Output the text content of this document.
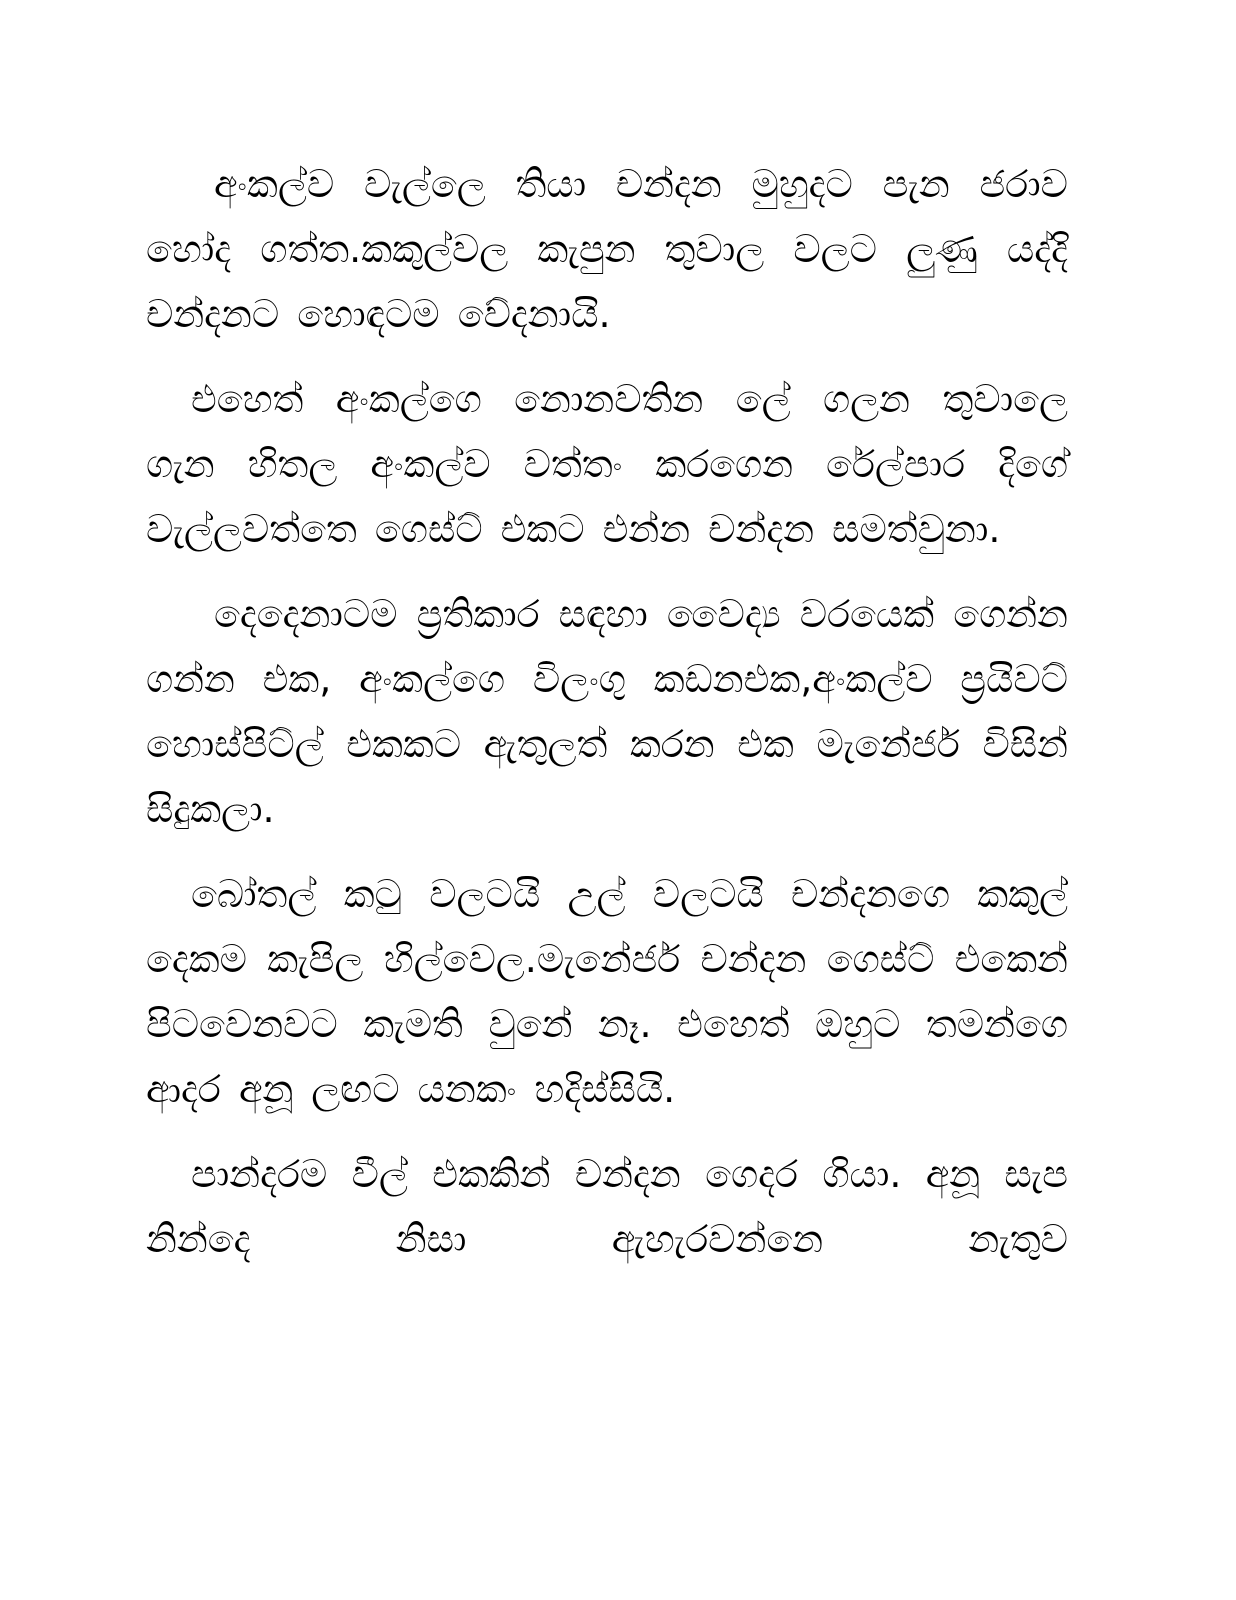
අංකල්ව වැල්ලෙ තියා චන්දන මුහුදට පැන ජරාව හෝද ගත්ත.කකුල්වල කැපුන තුවාල වලට ලුණු යද්දි චන්දනට හොඳටම වේදනායි.

එහෙත් අංකල්ගෙ නොනවතින ලේ ගලන තුවාලෙ ගැන හිතල අංකල්ව වත්තං කරගෙන රේල්පාර දිගේ වැල්ලවත්තෙ ගෙස්ට් එකට එන්න චන්දන සමත්වුනා.

දෙදෙනාටම ප්‍රතිකාර සඳහා වෛද්‍ය වරයෙක් ගෙන්න ගන්න එක, අංකල්ගෙ විලංගු කඩනඑක,අංකල්ව ප්‍රයිවට් හොස්පිට්ල් එකකට ඇතුලත් කරන එක මැනේජර් විසින් සිදුකලා.

බෝතල් කටු වලටයි උල් වලටයි චන්දනගෙ කකුල් දෙකම කැපිල හිල්වෙල.මැනේජර් චන්දන ගෙස්ට් එකෙන් පිටවෙනවට කැමති වුනේ නෑ. එහෙත් ඔහුට තමන්ගෙ ආදර අනූ ලඟට යනකං හදිස්සියි.

පාන්දරම වීල් එකකින් චන්දන ගෙදර ගියා. අනූ සැප නින්දෙ නිසා ඇහැරවන්නෙ නැතුව
